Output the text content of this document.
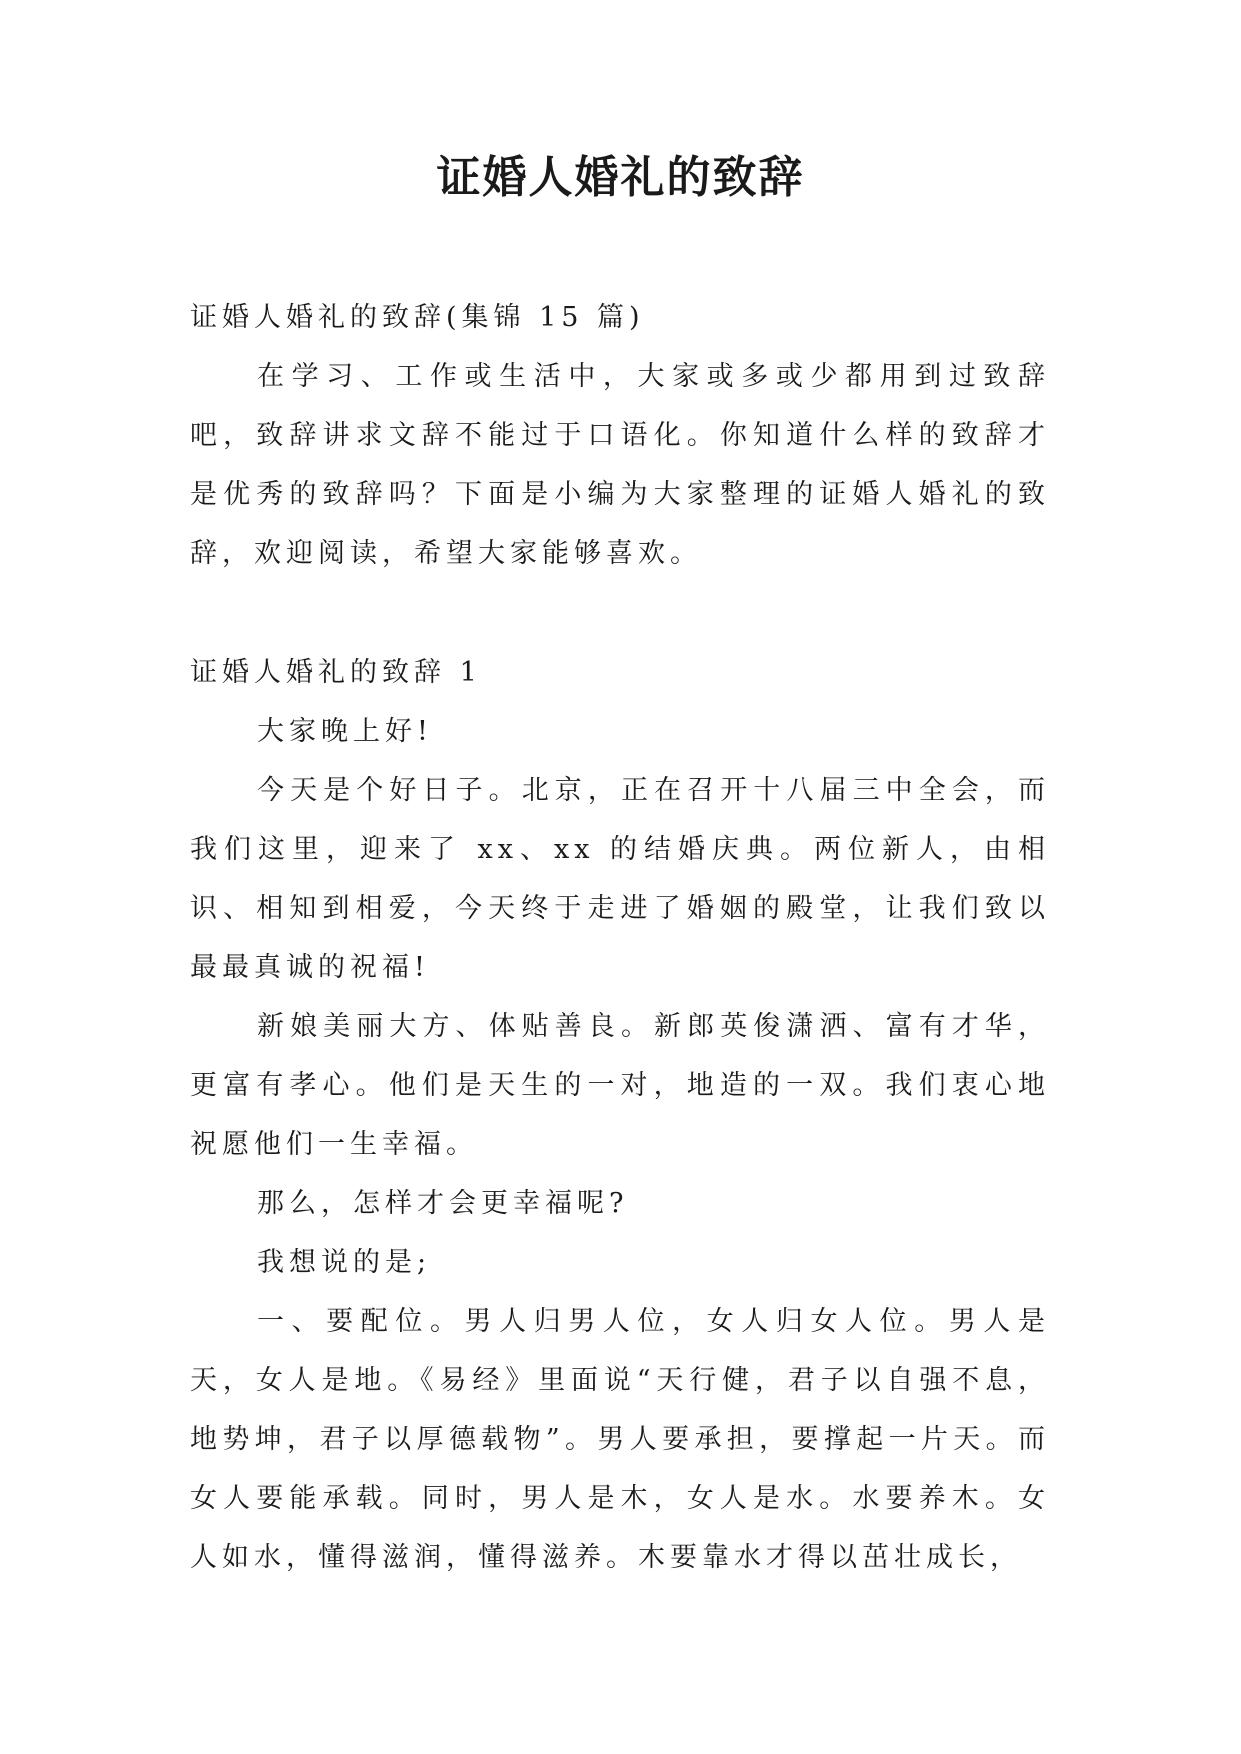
证婚人婚礼的致辞

证婚人婚礼的致辞(集锦 15 篇)

在学习、工作或生活中，大家或多或少都用到过致辞吧，致辞讲求文辞不能过于口语化。你知道什么样的致辞才是优秀的致辞吗？下面是小编为大家整理的证婚人婚礼的致辞，欢迎阅读，希望大家能够喜欢。

证婚人婚礼的致辞 1

大家晚上好!

今天是个好日子。北京，正在召开十八届三中全会，而我们这里，迎来了 xx、xx 的结婚庆典。两位新人，由相识、相知到相爱，今天终于走进了婚姻的殿堂，让我们致以最最真诚的祝福!

新娘美丽大方、体贴善良。新郎英俊潇洒、富有才华，更富有孝心。他们是天生的一对，地造的一双。我们衷心地祝愿他们一生幸福。

那么，怎样才会更幸福呢?

我想说的是;

一、要配位。男人归男人位，女人归女人位。男人是天，女人是地。《易经》里面说“天行健，君子以自强不息，地势坤，君子以厚德载物”。男人要承担，要撑起一片天。而女人要能承载。同时，男人是木，女人是水。水要养木。女人如水，懂得滋润，懂得滋养。木要靠水才得以茁壮成长，
